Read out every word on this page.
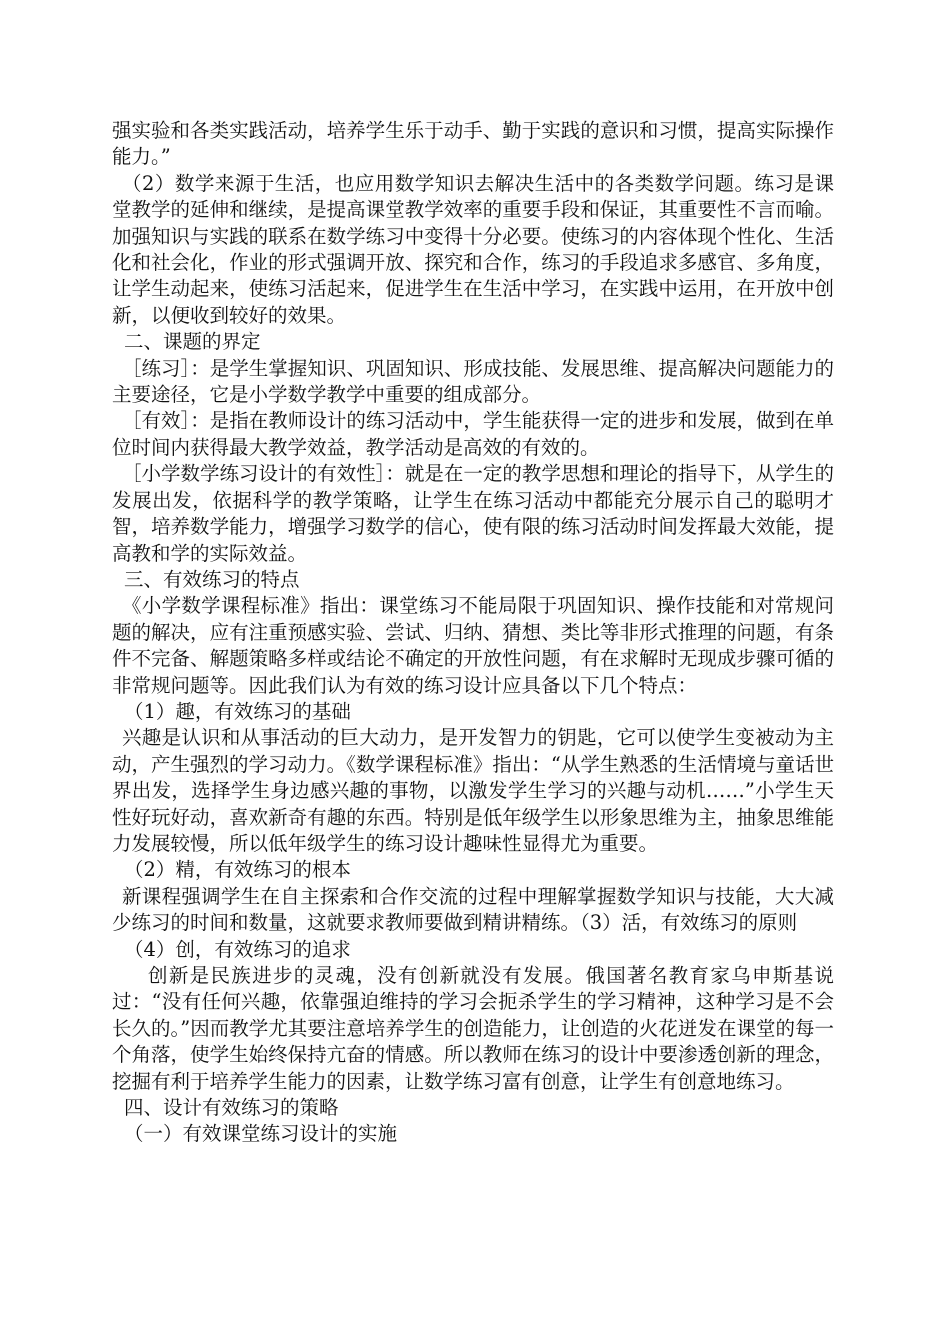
强实验和各类实践活动，培养学生乐于动手、勤于实践的意识和习惯，提高实际操作能力。”

（2）数学来源于生活，也应用数学知识去解决生活中的各类数学问题。练习是课堂教学的延伸和继续，是提高课堂教学效率的重要手段和保证，其重要性不言而喻。加强知识与实践的联系在数学练习中变得十分必要。使练习的内容体现个性化、生活化和社会化，作业的形式强调开放、探究和合作，练习的手段追求多感官、多角度，让学生动起来，使练习活起来，促进学生在生活中学习，在实践中运用，在开放中创新，以便收到较好的效果。

二、课题的界定

［练习］：是学生掌握知识、巩固知识、形成技能、发展思维、提高解决问题能力的主要途径，它是小学数学教学中重要的组成部分。

［有效］：是指在教师设计的练习活动中，学生能获得一定的进步和发展，做到在单位时间内获得最大教学效益，教学活动是高效的有效的。

［小学数学练习设计的有效性］：就是在一定的教学思想和理论的指导下，从学生的发展出发，依据科学的教学策略，让学生在练习活动中都能充分展示自己的聪明才智，培养数学能力，增强学习数学的信心，使有限的练习活动时间发挥最大效能，提高教和学的实际效益。

三、有效练习的特点

《小学数学课程标准》指出：课堂练习不能局限于巩固知识、操作技能和对常规问题的解决，应有注重预感实验、尝试、归纳、猜想、类比等非形式推理的问题，有条件不完备、解题策略多样或结论不确定的开放性问题，有在求解时无现成步骤可循的非常规问题等。因此我们认为有效的练习设计应具备以下几个特点：

（1）趣，有效练习的基础

兴趣是认识和从事活动的巨大动力，是开发智力的钥匙，它可以使学生变被动为主动，产生强烈的学习动力。《数学课程标准》指出：“从学生熟悉的生活情境与童话世界出发，选择学生身边感兴趣的事物，以激发学生学习的兴趣与动机……”小学生天性好玩好动，喜欢新奇有趣的东西。特别是低年级学生以形象思维为主，抽象思维能力发展较慢，所以低年级学生的练习设计趣味性显得尤为重要。

（2）精，有效练习的根本

新课程强调学生在自主探索和合作交流的过程中理解掌握数学知识与技能，大大减少练习的时间和数量，这就要求教师要做到精讲精练。（3）活，有效练习的原则

（4）创，有效练习的追求

创新是民族进步的灵魂，没有创新就没有发展。俄国著名教育家乌申斯基说过：“没有任何兴趣，依靠强迫维持的学习会扼杀学生的学习精神，这种学习是不会长久的。”因而教学尤其要注意培养学生的创造能力，让创造的火花迸发在课堂的每一个角落，使学生始终保持亢奋的情感。所以教师在练习的设计中要渗透创新的理念，挖掘有利于培养学生能力的因素，让数学练习富有创意，让学生有创意地练习。

四、设计有效练习的策略

（一）有效课堂练习设计的实施
